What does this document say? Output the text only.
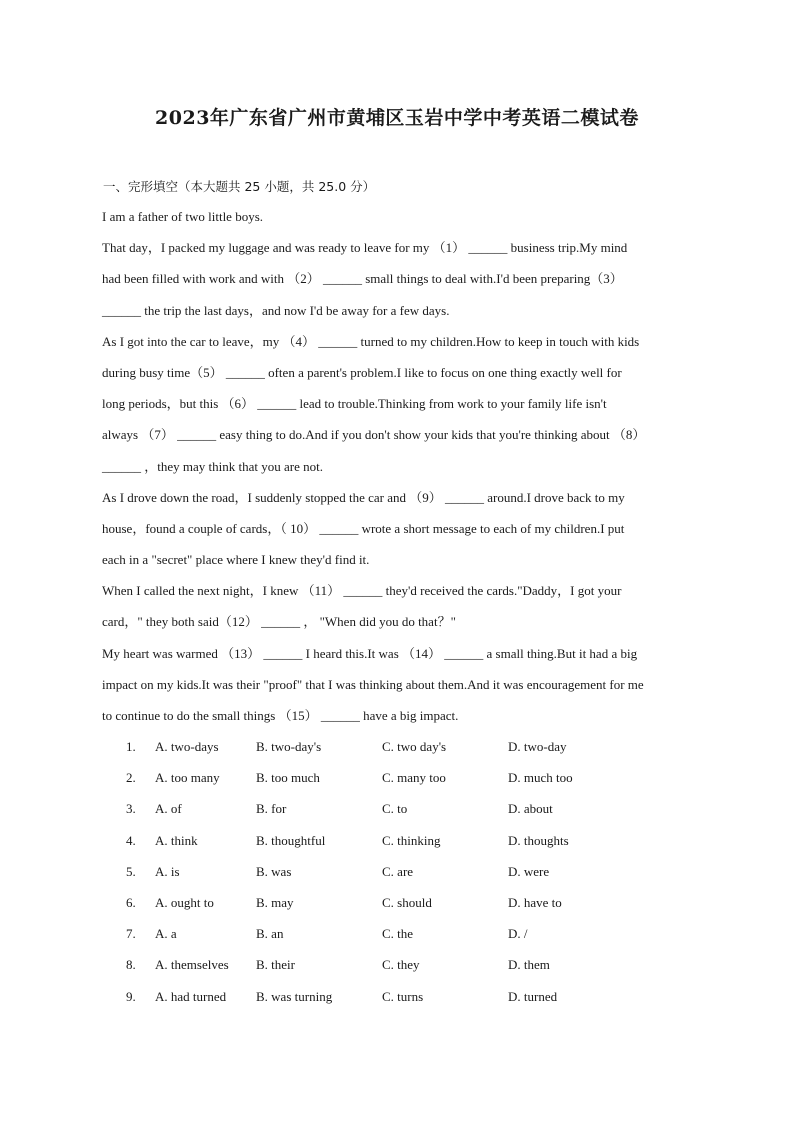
2023年广东省广州市黄埔区玉岩中学中考英语二模试卷
一、完形填空（本大题共 25 小题，共 25.0 分）
I am a father of two little boys.
That day，I packed my luggage and was ready to leave for my （1） ______ business trip.My mind
had been filled with work and with （2） ______ small things to deal with.I'd been preparing（3）
______ the trip the last days，and now I'd be away for a few days.
As I got into the car to leave，my （4） ______ turned to my children.How to keep in touch with kids
during busy time（5） ______ often a parent's problem.I like to focus on one thing exactly well for
long periods，but this （6） ______ lead to trouble.Thinking from work to your family life isn't
always （7） ______ easy thing to do.And if you don't show your kids that you're thinking about （8）
______ ，they may think that you are not.
As I drove down the road，I suddenly stopped the car and （9） ______ around.I drove back to my
house，found a couple of cards，（ 10） ______ wrote a short message to each of my children.I put
each in a "secret" place where I knew they'd find it.
When I called the next night，I knew （11） ______ they'd received the cards."Daddy，I got your
card，" they both said（12） ______ ， "When did you do that？"
My heart was warmed （13） ______ I heard this.It was （14） ______ a small thing.But it had a big
impact on my kids.It was their "proof" that I was thinking about them.And it was encouragement for me
to continue to do the small things （15） ______ have a big impact.
1. A. two-days	B. two-day's	C. two day's	D. two-day
2. A. too many	B. too much	C. many too	D. much too
3. A. of	B. for	C. to	D. about
4. A. think	B. thoughtful	C. thinking	D. thoughts
5. A. is	B. was	C. are	D. were
6. A. ought to	B. may	C. should	D. have to
7. A. a	B. an	C. the	D. /
8. A. themselves B. their	C. they	D. them
9. A. had turned B. was turning	C. turns	D. turned
